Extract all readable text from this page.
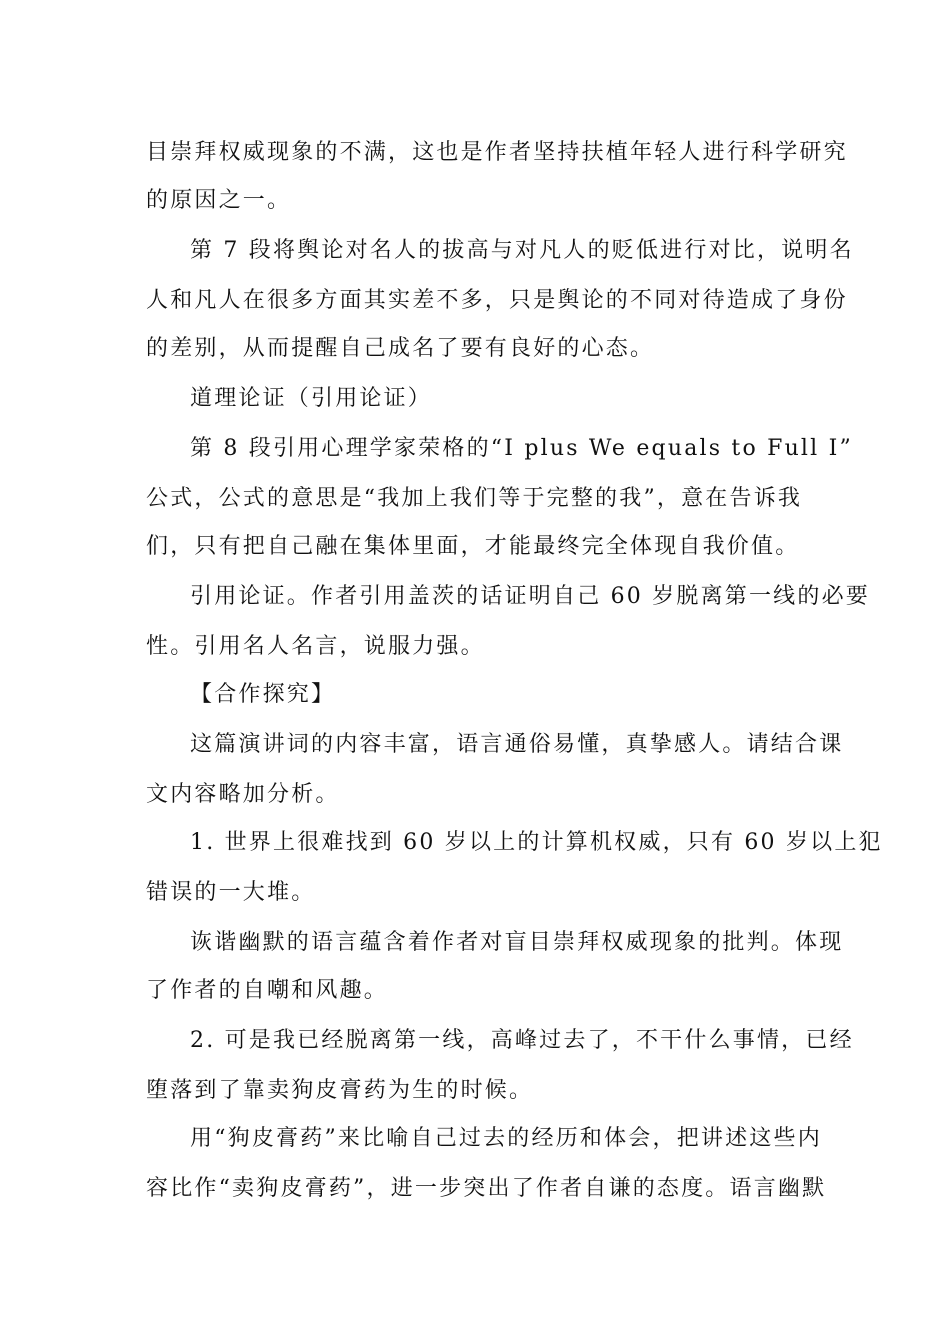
目崇拜权威现象的不满，这也是作者坚持扶植年轻人进行科学研究
的原因之一。
第 7 段将舆论对名人的拔高与对凡人的贬低进行对比，说明名
人和凡人在很多方面其实差不多，只是舆论的不同对待造成了身份
的差别，从而提醒自己成名了要有良好的心态。
道理论证（引用论证）
第 8 段引用心理学家荣格的“I plus We equals to Full I”
公式，公式的意思是“我加上我们等于完整的我”，意在告诉我
们，只有把自己融在集体里面，才能最终完全体现自我价值。
引用论证。作者引用盖茨的话证明自己 60 岁脱离第一线的必要
性。引用名人名言，说服力强。
【合作探究】
这篇演讲词的内容丰富，语言通俗易懂，真挚感人。请结合课
文内容略加分析。
1. 世界上很难找到 60 岁以上的计算机权威，只有 60 岁以上犯
错误的一大堆。
诙谐幽默的语言蕴含着作者对盲目崇拜权威现象的批判。体现
了作者的自嘲和风趣。
2. 可是我已经脱离第一线，高峰过去了，不干什么事情，已经
堕落到了靠卖狗皮膏药为生的时候。
用“狗皮膏药”来比喻自己过去的经历和体会，把讲述这些内
容比作“卖狗皮膏药”，进一步突出了作者自谦的态度。语言幽默
